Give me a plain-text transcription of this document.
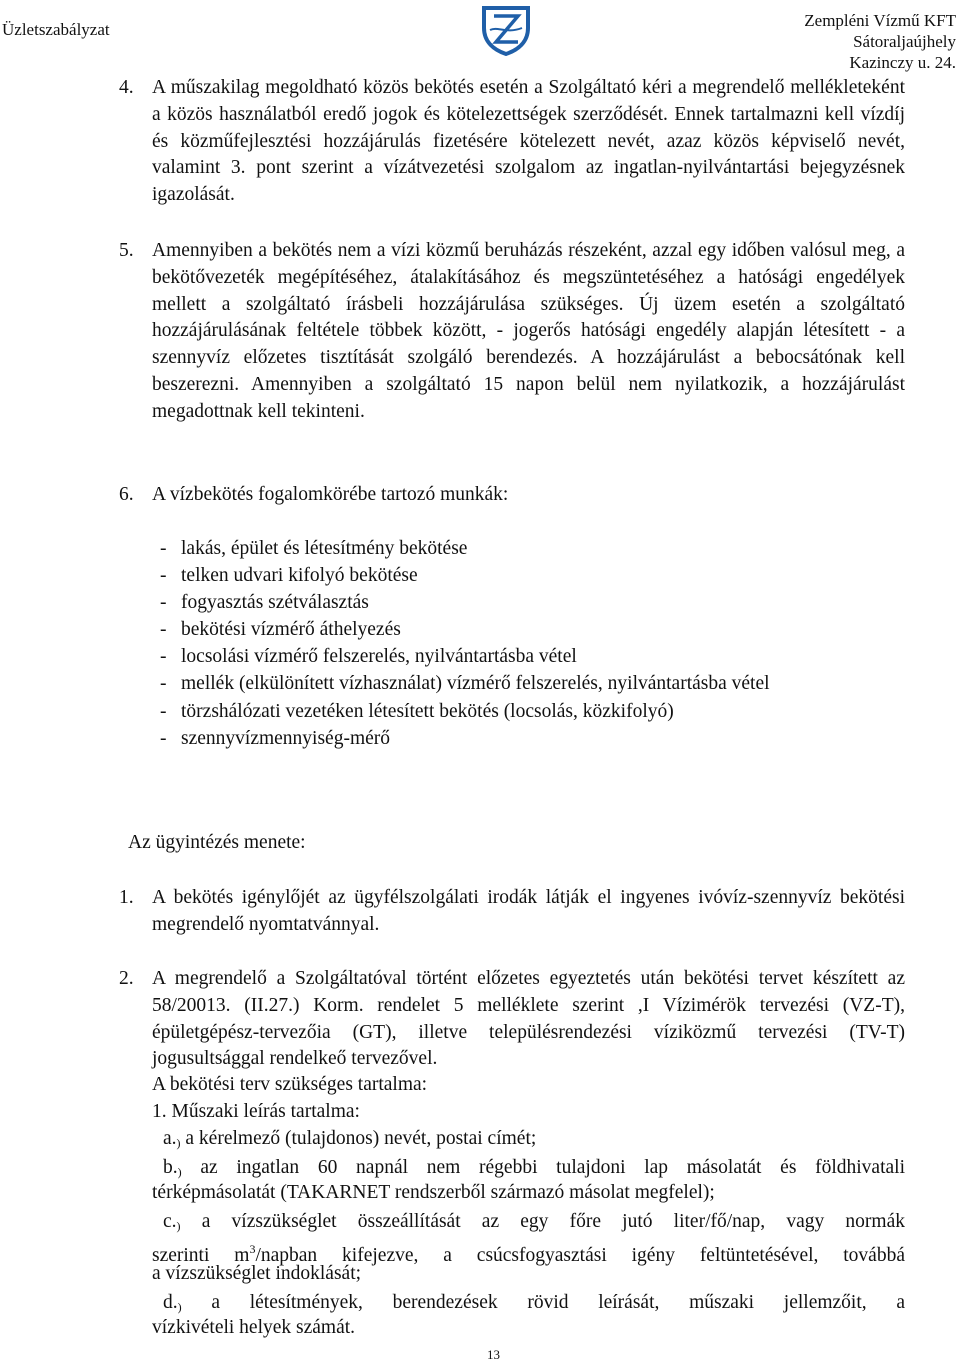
Üzletszabályzat	Zempléni Vízmű KFT
Sátoraljaújhely
Kazinczy u. 24.
4. A műszakilag megoldható közös bekötés esetén a Szolgáltató kéri a megrendelő mellékleteként a közös használatból eredő jogok és kötelezettségek szerződését. Ennek tartalmazni kell vízdíj és közműfejlesztési hozzájárulás fizetésére kötelezett nevét, azaz közös képviselő nevét, valamint 3. pont szerint a vízátvezetési szolgalom az ingatlan-nyilvántartási bejegyzésnek igazolását.
5. Amennyiben a bekötés nem a vízi közmű beruházás részeként, azzal egy időben valósul meg, a bekötővezeték megépítéséhez, átalakításához és megszüntetéséhez a hatósági engedélyek mellett a szolgáltató írásbeli hozzájárulása szükséges. Új üzem esetén a szolgáltató hozzájárulásának feltétele többek között, - jogerős hatósági engedély alapján létesített - a szennyvíz előzetes tisztítását szolgáló berendezés. A hozzájárulást a bebocsátónak kell beszerezni. Amennyiben a szolgáltató 15 napon belül nem nyilatkozik, a hozzájárulást megadottnak kell tekinteni.
6. A vízbekötés fogalomkörébe tartozó munkák:
- lakás, épület és létesítmény bekötése
- telken udvari kifolyó bekötése
- fogyasztás szétválasztás
- bekötési vízmérő áthelyezés
- locsolási vízmérő felszerelés, nyilvántartásba vétel
- mellék (elkülönített vízhasználat) vízmérő felszerelés, nyilvántartásba vétel
- törzshálózati vezetéken létesített bekötés (locsolás, közkifolyó)
- szennyvízmennyiség-mérő
Az ügyintézés menete:
1. A bekötés igénylőjét az ügyfélszolgálati irodák látják el ingyenes ivóvíz-szennyvíz bekötési megrendelő nyomtatvánnyal.
2. A megrendelő a Szolgáltatóval történt előzetes egyeztetés után bekötési tervet készített az 58/20013. (II.27.) Korm. rendelet 5 melléklete szerint ,I Vízimérök tervezési (VZ-T), épületgépész-tervezőia (GT), illetve településrendezési víziközmű tervezési (TV-T) jogusultsággal rendelkeő tervezővel.
A bekötési terv szükséges tartalma:
1. Műszaki leírás tartalma:
$a._)$ a kérelmező (tulajdonos) nevét, postai címét;
$b._)$ az ingatlan 60 napnál nem régebbi tulajdoni lap másolatát és földhivatali
térképmásolatát (TAKARNET rendszerből származó másolat megfelel);
$c._)$ a vízszükséglet összeállítását az egy főre jutó liter/fő/nap, vagy normák
szerinti $m^3$/napban kifejezve, a csúcsfogyasztási igény feltüntetésével, továbbá
a vízszükséglet indoklását;
$d._)$ a létesítmények, berendezések rövid leírását, műszaki jellemzőit, a
vízkivételi helyek számát.
13
